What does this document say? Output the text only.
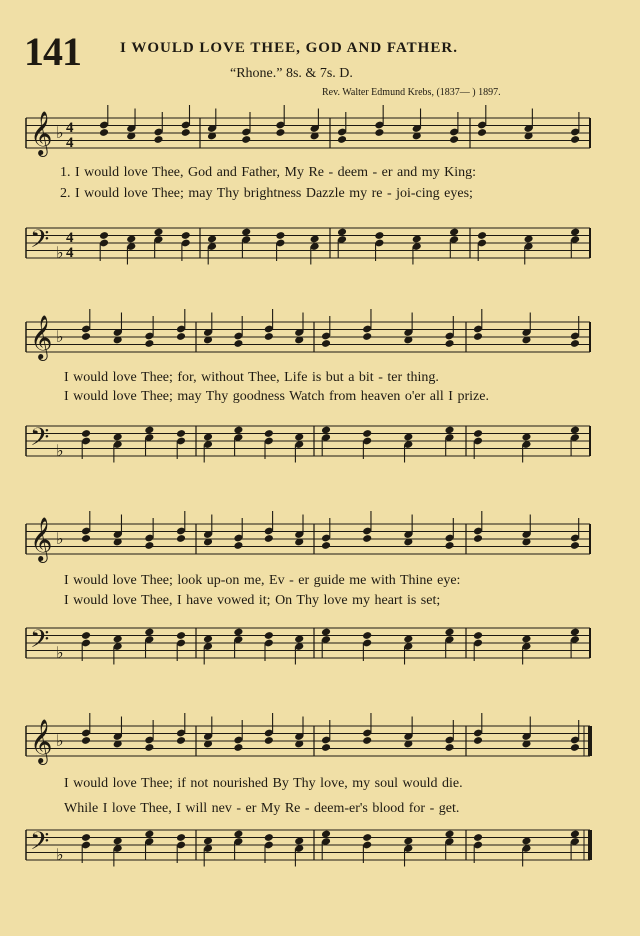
141	I WOULD LOVE THEE, GOD AND FATHER.
“Rhone.” 8s. & 7s. D.
Rev. Walter Edmund Krebs, (1837— ) 1897.
𝄞
𝄢
♭
♭
4
4
4
4
1. I would love Thee, God and Father, My Re - deem - er and my King:
2. I would love Thee; may Thy brightness Dazzle my re - joi-cing eyes;
𝄞
𝄢
♭
♭
I would love Thee; for, without Thee, Life is but a bit - ter thing.
I would love Thee; may Thy goodness Watch from heaven o'er all I prize.
𝄞
𝄢
♭
♭
I would love Thee; look up-on me, Ev - er guide me with Thine eye:
I would love Thee, I have vowed it; On Thy love my heart is set;
𝄞
𝄢
♭
♭
I would love Thee; if not nourished By Thy love, my soul would die.
While I love Thee, I will nev - er My Re - deem-er's blood for - get.
